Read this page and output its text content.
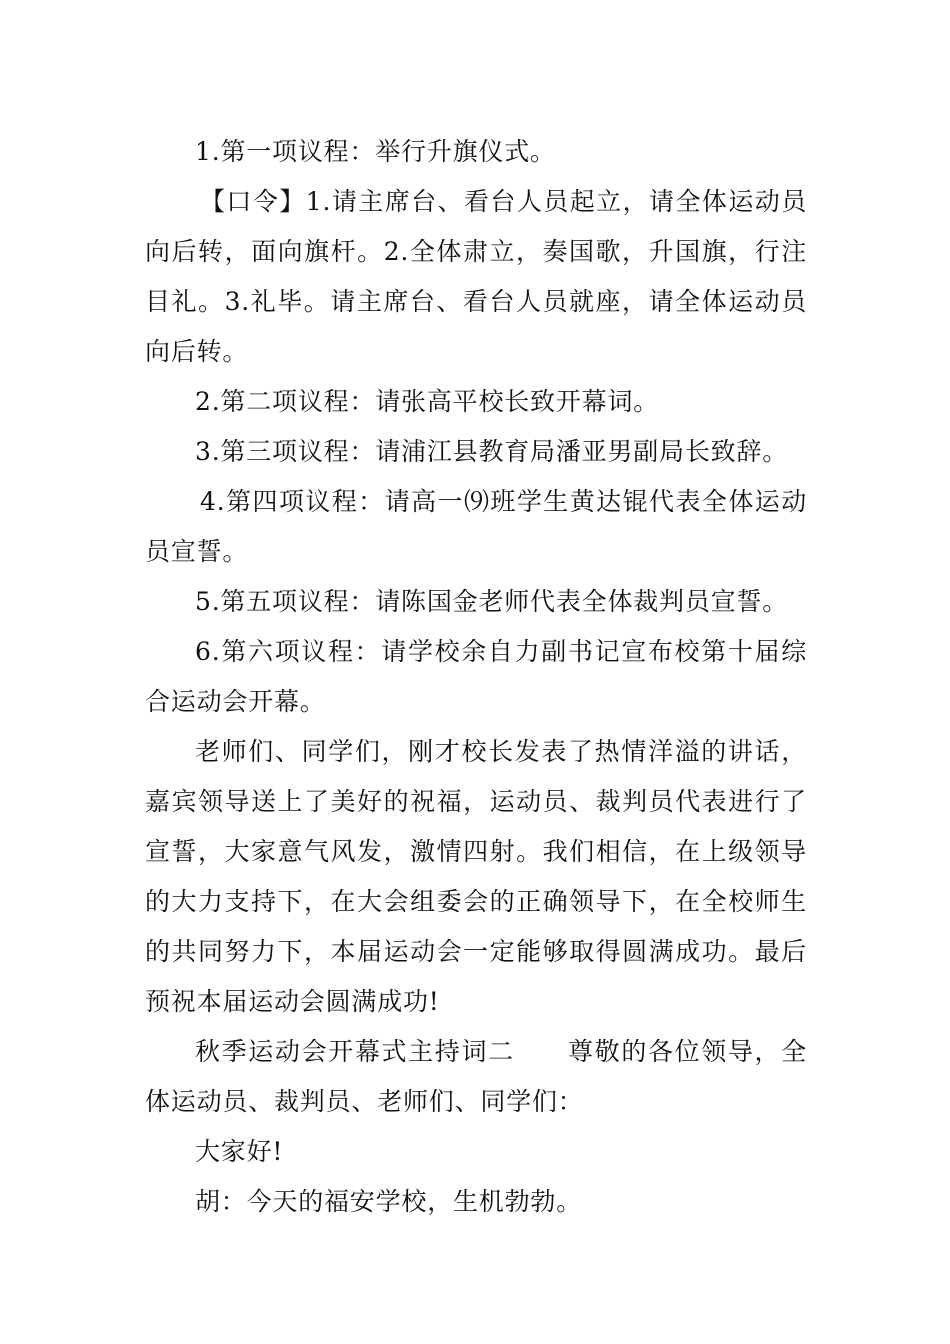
1.第一项议程：举行升旗仪式。

【口令】1.请主席台、看台人员起立，请全体运动员向后转，面向旗杆。2.全体肃立，奏国歌，升国旗，行注目礼。3.礼毕。请主席台、看台人员就座，请全体运动员向后转。

2.第二项议程：请张高平校长致开幕词。

3.第三项议程：请浦江县教育局潘亚男副局长致辞。

4.第四项议程：请高一⑼班学生黄达锟代表全体运动员宣誓。

5.第五项议程：请陈国金老师代表全体裁判员宣誓。

6.第六项议程：请学校余自力副书记宣布校第十届综合运动会开幕。

老师们、同学们，刚才校长发表了热情洋溢的讲话，嘉宾领导送上了美好的祝福，运动员、裁判员代表进行了宣誓，大家意气风发，激情四射。我们相信，在上级领导的大力支持下，在大会组委会的正确领导下，在全校师生的共同努力下，本届运动会一定能够取得圆满成功。最后预祝本届运动会圆满成功!

秋季运动会开幕式主持词二　　尊敬的各位领导，全体运动员、裁判员、老师们、同学们：

大家好!

胡：今天的福安学校，生机勃勃。
